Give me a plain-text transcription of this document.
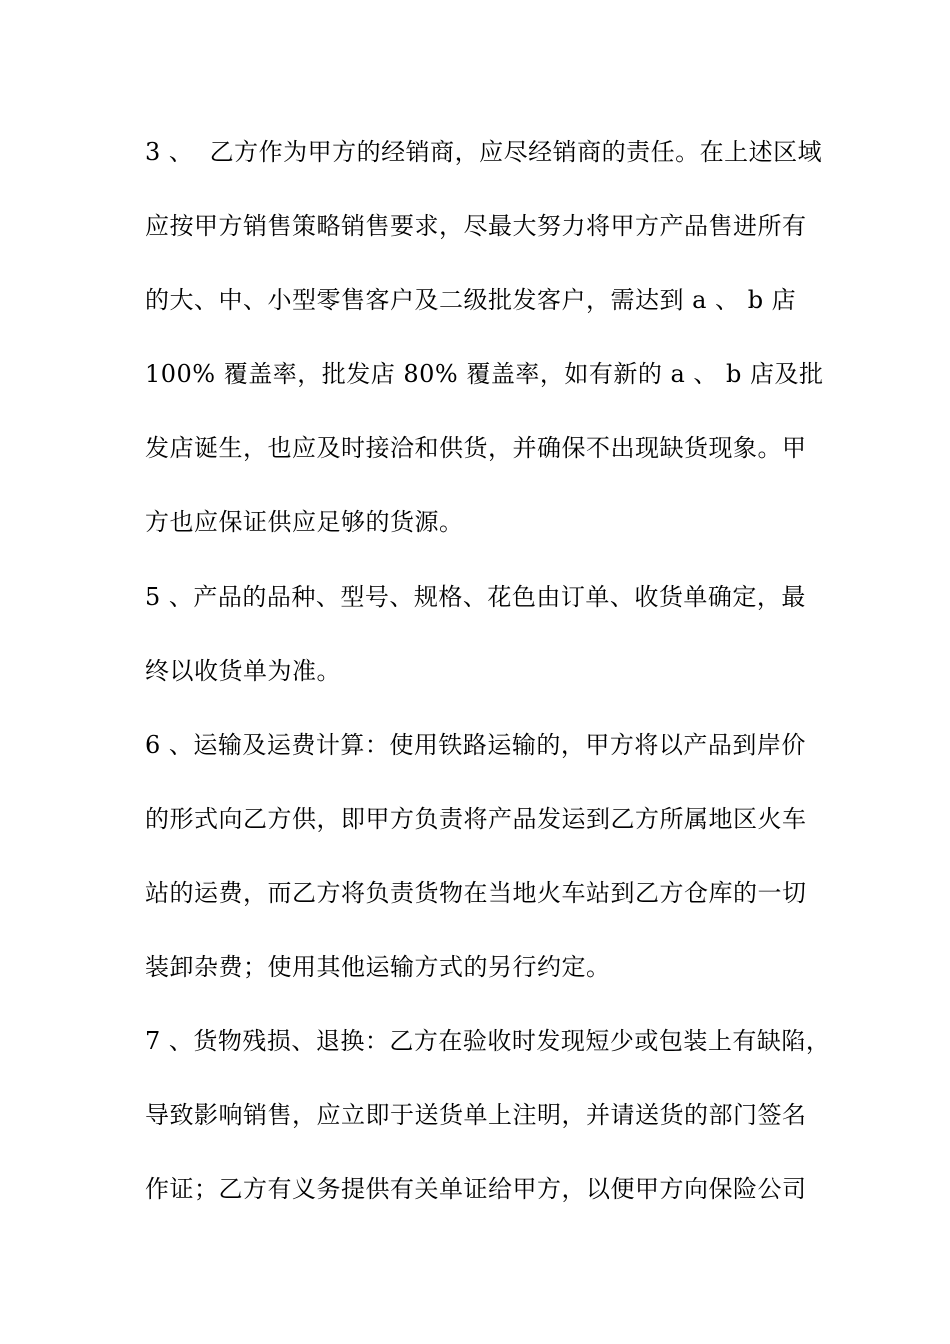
3 、  乙方作为甲方的经销商，应尽经销商的责任。在上述区域
应按甲方销售策略销售要求，尽最大努力将甲方产品售进所有
的大、中、小型零售客户及二级批发客户，需达到 a 、 b 店
100% 覆盖率，批发店 80% 覆盖率，如有新的 a 、 b 店及批
发店诞生，也应及时接洽和供货，并确保不出现缺货现象。甲
方也应保证供应足够的货源。
5 、产品的品种、型号、规格、花色由订单、收货单确定，最
终以收货单为准。
6 、运输及运费计算：使用铁路运输的，甲方将以产品到岸价
的形式向乙方供，即甲方负责将产品发运到乙方所属地区火车
站的运费，而乙方将负责货物在当地火车站到乙方仓库的一切
装卸杂费；使用其他运输方式的另行约定。
7 、货物残损、退换：乙方在验收时发现短少或包装上有缺陷，
导致影响销售，应立即于送货单上注明，并请送货的部门签名
作证；乙方有义务提供有关单证给甲方，以便甲方向保险公司
